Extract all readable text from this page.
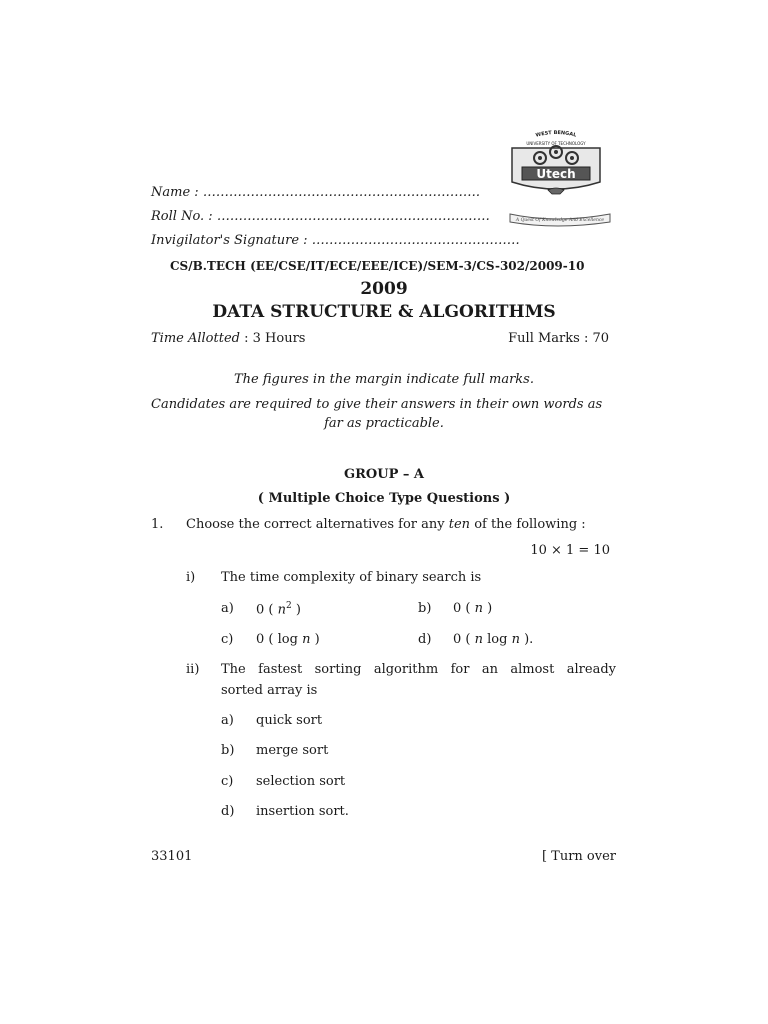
WEST BENGAL
UNIVERSITY OF TECHNOLOGY
Utech
A Quest Of Knowledge And Excellence
Name : ……………………………………………………….
Roll No. : ………………………………………………………
Invigilator's Signature : …………………………………………
CS/B.TECH (EE/CSE/IT/ECE/EEE/ICE)/SEM-3/CS-302/2009-10
2009
DATA STRUCTURE & ALGORITHMS
Time Allotted : 3 Hours	Full Marks : 70
The figures in the margin indicate full marks.
Candidates are required to give their answers in their own words as
far as practicable.
GROUP – A
( Multiple Choice Type Questions )
1. Choose the correct alternatives for any ten of the following :
10 × 1 = 10
i) The time complexity of binary search is
a) 0 ( $n^2$ )	b) 0 ( n )
c) 0 ( log n )	d) 0 ( n log n ).
ii) The fastest sorting algorithm for an almost already
sorted array is
a) quick sort
b) merge sort
c) selection sort
d) insertion sort.
33101	[ Turn over
